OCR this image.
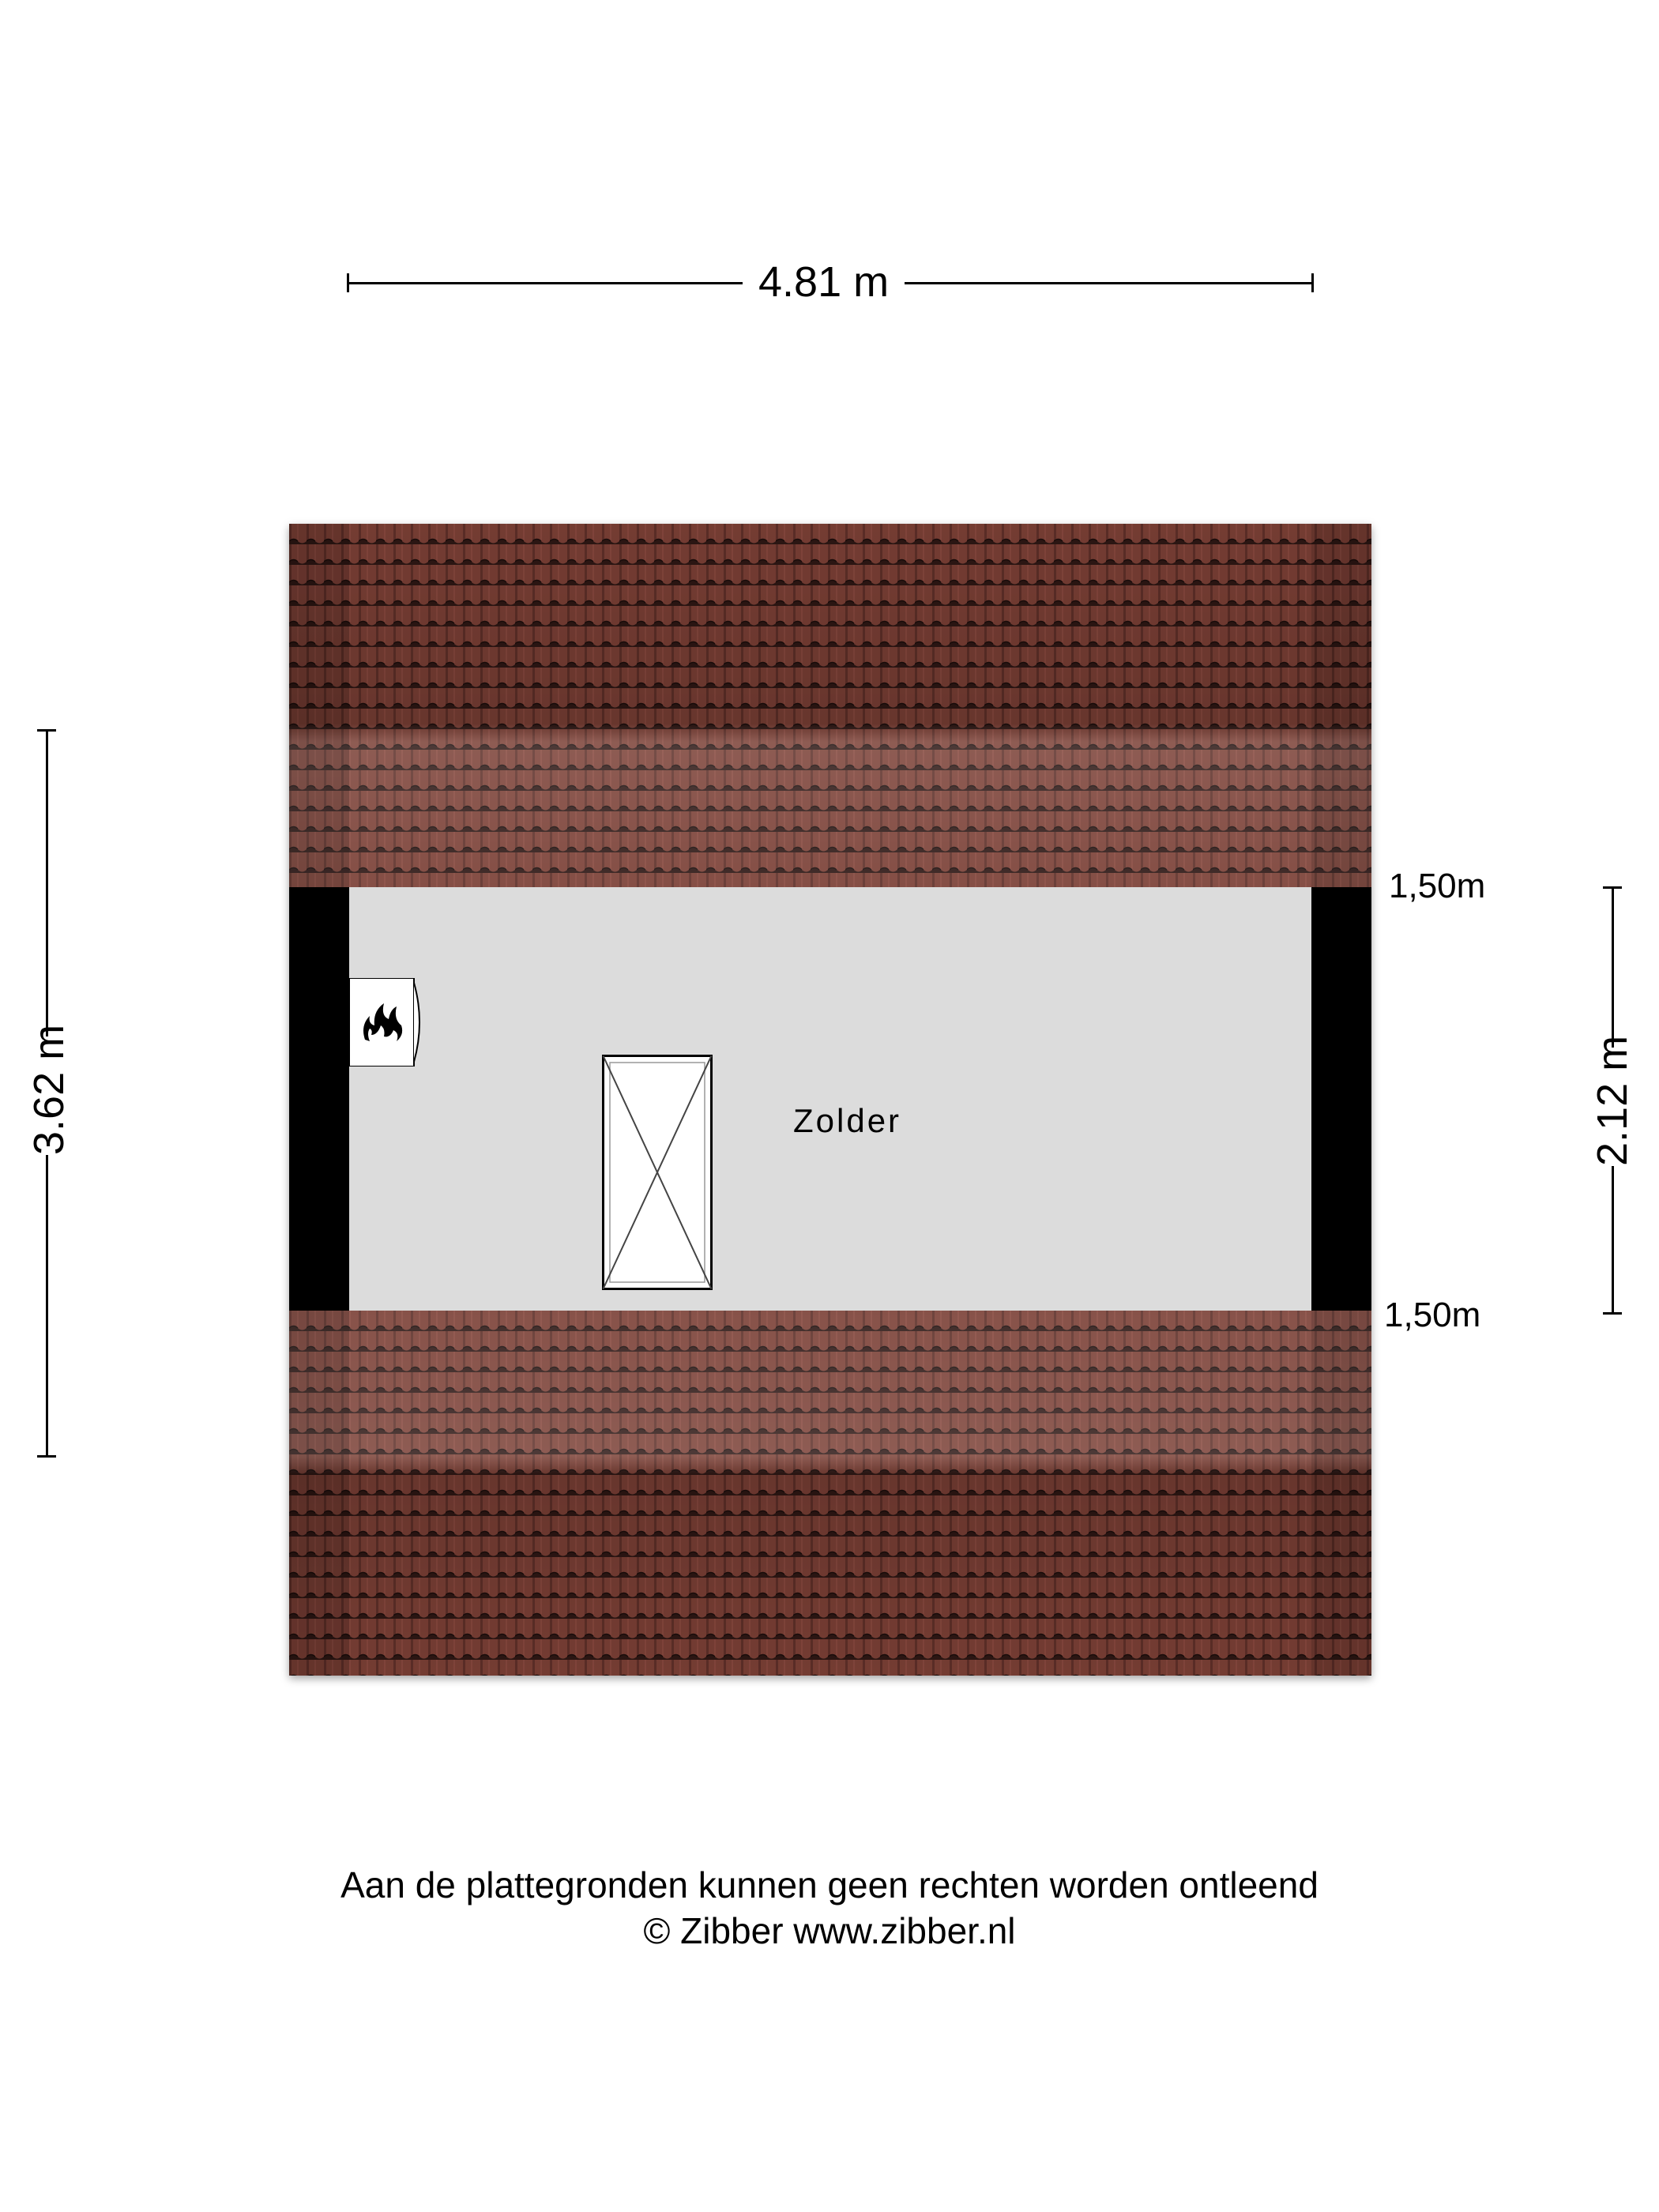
4.81 m
3.62 m	2.12 m
1,50m
1,50m
Zolder
Aan de plattegronden kunnen geen rechten worden ontleend
© Zibber www.zibber.nl
